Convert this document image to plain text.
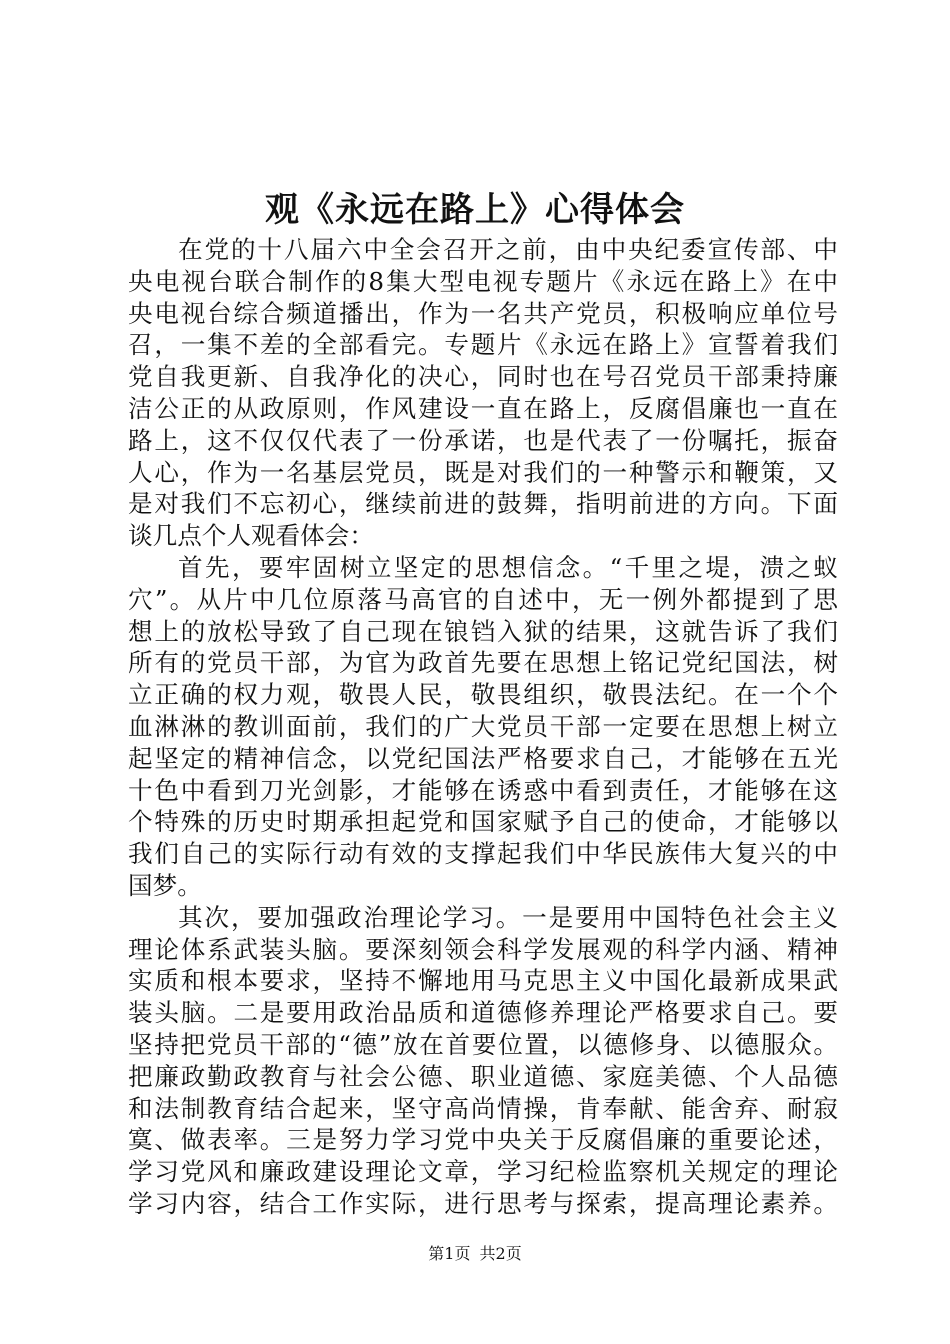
观《永远在路上》心得体会
在党的十八届六中全会召开之前，由中央纪委宣传部、中
央电视台联合制作的8集大型电视专题片《永远在路上》在中
央电视台综合频道播出，作为一名共产党员，积极响应单位号
召，一集不差的全部看完。专题片《永远在路上》宣誓着我们
党自我更新、自我净化的决心，同时也在号召党员干部秉持廉
洁公正的从政原则，作风建设一直在路上，反腐倡廉也一直在
路上，这不仅仅代表了一份承诺，也是代表了一份嘱托，振奋
人心，作为一名基层党员，既是对我们的一种警示和鞭策，又
是对我们不忘初心，继续前进的鼓舞，指明前进的方向。下面
谈几点个人观看体会：
首先，要牢固树立坚定的思想信念。“千里之堤，溃之蚁
穴”。从片中几位原落马高官的自述中，无一例外都提到了思
想上的放松导致了自己现在锒铛入狱的结果，这就告诉了我们
所有的党员干部，为官为政首先要在思想上铭记党纪国法，树
立正确的权力观，敬畏人民，敬畏组织，敬畏法纪。在一个个
血淋淋的教训面前，我们的广大党员干部一定要在思想上树立
起坚定的精神信念，以党纪国法严格要求自己，才能够在五光
十色中看到刀光剑影，才能够在诱惑中看到责任，才能够在这
个特殊的历史时期承担起党和国家赋予自己的使命，才能够以
我们自己的实际行动有效的支撑起我们中华民族伟大复兴的中
国梦。
其次，要加强政治理论学习。一是要用中国特色社会主义
理论体系武装头脑。要深刻领会科学发展观的科学内涵、精神
实质和根本要求，坚持不懈地用马克思主义中国化最新成果武
装头脑。二是要用政治品质和道德修养理论严格要求自己。要
坚持把党员干部的“德”放在首要位置，以德修身、以德服众。
把廉政勤政教育与社会公德、职业道德、家庭美德、个人品德
和法制教育结合起来，坚守高尚情操，肯奉献、能舍弃、耐寂
寞、做表率。三是努力学习党中央关于反腐倡廉的重要论述，
学习党风和廉政建设理论文章，学习纪检监察机关规定的理论
学习内容，结合工作实际，进行思考与探索，提高理论素养。
第1页 共2页
